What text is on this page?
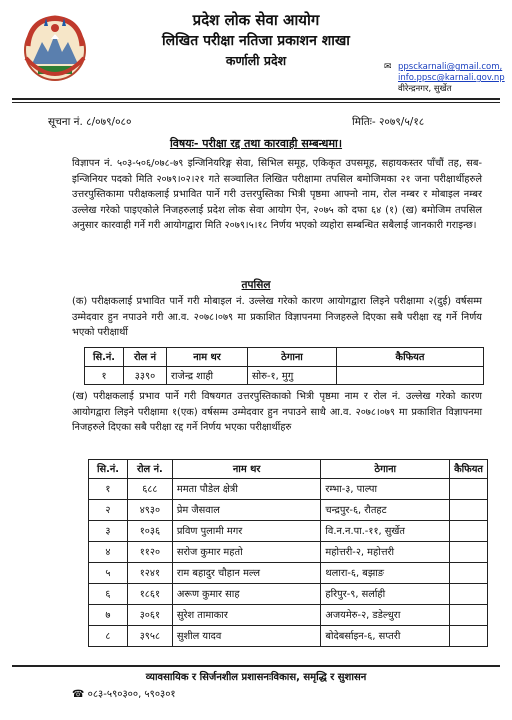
प्रदेश लोक सेवा आयोग
लिखित परीक्षा नतिजा प्रकाशन शाखा
कर्णाली प्रदेश	✉ ppsckarnali@gmail.com,
info.ppsc@karnali.gov.np
वीरेन्द्रनगर, सुर्खेत
सूचना नं. ८/०७९/०८०	मितिः- २०७९/५/१८
विषयः- परीक्षा रद्द तथा कारवाही सम्बन्धमा।
विज्ञापन नं. ५०३-५०६/०७८-७९ इन्जिनियरिङ्ग सेवा, सिभिल समूह, एकिकृत उपसमूह, सहायकस्तर पाँचौं तह, सब-इन्जिनियर पदको मिति २०७९।०२।२१ गते सञ्चालित लिखित परीक्षामा तपसिल बमोजिमका २१ जना परीक्षार्थीहरुले उत्तरपुस्तिकामा परीक्षकलाई प्रभावित पार्ने गरी उत्तरपुस्तिका भित्री पृष्ठमा आफ्नो नाम, रोल नम्बर र मोबाइल नम्बर उल्लेख गरेको पाइएकोले निजहरुलाई प्रदेश लोक सेवा आयोग ऐन, २०७५ को दफा ६४ (१) (ख) बमोजिम तपसिल अनुसार कारवाही गर्ने गरी आयोगद्वारा मिति २०७९।५।१८ निर्णय भएको व्यहोरा सम्बन्धित सबैलाई जानकारी गराइन्छ।
तपसिल
(क) परीक्षकलाई प्रभावित पार्ने गरी मोबाइल नं. उल्लेख गरेको कारण आयोगद्वारा लिइने परीक्षामा २(दुई) वर्षसम्म उम्मेदवार हुन नपाउने गरी आ.व. २०७८।०७९ मा प्रकाशित विज्ञापनमा निजहरुले दिएका सबै परीक्षा रद्द गर्ने निर्णय भएको परीक्षार्थी
सि.नं.	रोल नं	नाम थर	ठेगाना	कैफियत
१	३३९०	राजेन्द्र शाही	सोरु-१, मुगु	
(ख) परीक्षकलाई प्रभाव पार्ने गरी विषयगत उत्तरपुस्तिकाको भित्री पृष्ठमा नाम र रोल नं. उल्लेख गरेको कारण आयोगद्वारा लिइने परीक्षामा १(एक) वर्षसम्म उम्मेदवार हुन नपाउने साथै आ.व. २०७८।०७९ मा प्रकाशित विज्ञापनमा निजहरुले दिएका सबै परीक्षा रद्द गर्ने निर्णय भएका परीक्षार्थीहरु
सि.नं.	रोल नं.	नाम थर	ठेगाना	कैफियत
१	६८८	ममता पौडेल क्षेत्री	रम्भा-३, पाल्पा	
२	४९३०	प्रेम जैसवाल	चन्द्रपुर-६, रौतहट	
३	१०३६	प्रविण पुलामी मगर	वि.न.न.पा.-११, सुर्खेत	
४	११२०	सरोज कुमार महतो	महोत्तरी-२, महोत्तरी	
५	१२४१	राम बहादुर चौहान मल्ल	थलारा-६, बझाङ	
६	१८६१	अरूण कुमार साह	हरिपुर-९, सर्लाही	
७	३०६१	सुरेश तामाकार	अजयमेरु-२, डडेल्धुरा	
८	३९५८	सुशील यादव	बोदेबर्साइन-६, सप्तरी	
व्यावसायिक र सिर्जनशील प्रशासनःविकास, समृद्धि र सुशासन
☎ ०८३-५९०३००, ५९०३०१
